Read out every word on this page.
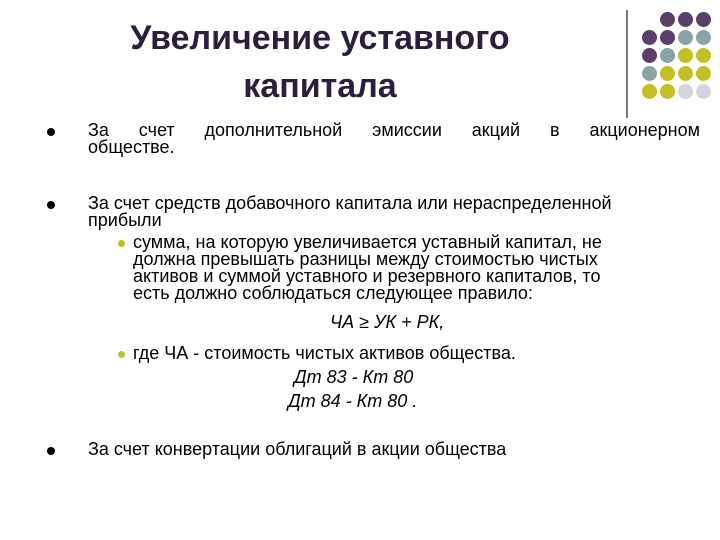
Увеличение уставного
капитала
За счет дополнительной эмиссии акций в акционерном
обществе.
За счет средств добавочного капитала или нераспределенной
прибыли
сумма, на которую увеличивается уставный капитал, не
должна превышать разницы между стоимостью чистых
активов и суммой уставного и резервного капиталов, то
есть должно соблюдаться следующее правило:
ЧА ≥ УК + РК,
где ЧА - стоимость чистых активов общества.
Дт 83 - Кт 80
Дт 84 - Кт 80 .
За счет конвертации облигаций в акции общества
